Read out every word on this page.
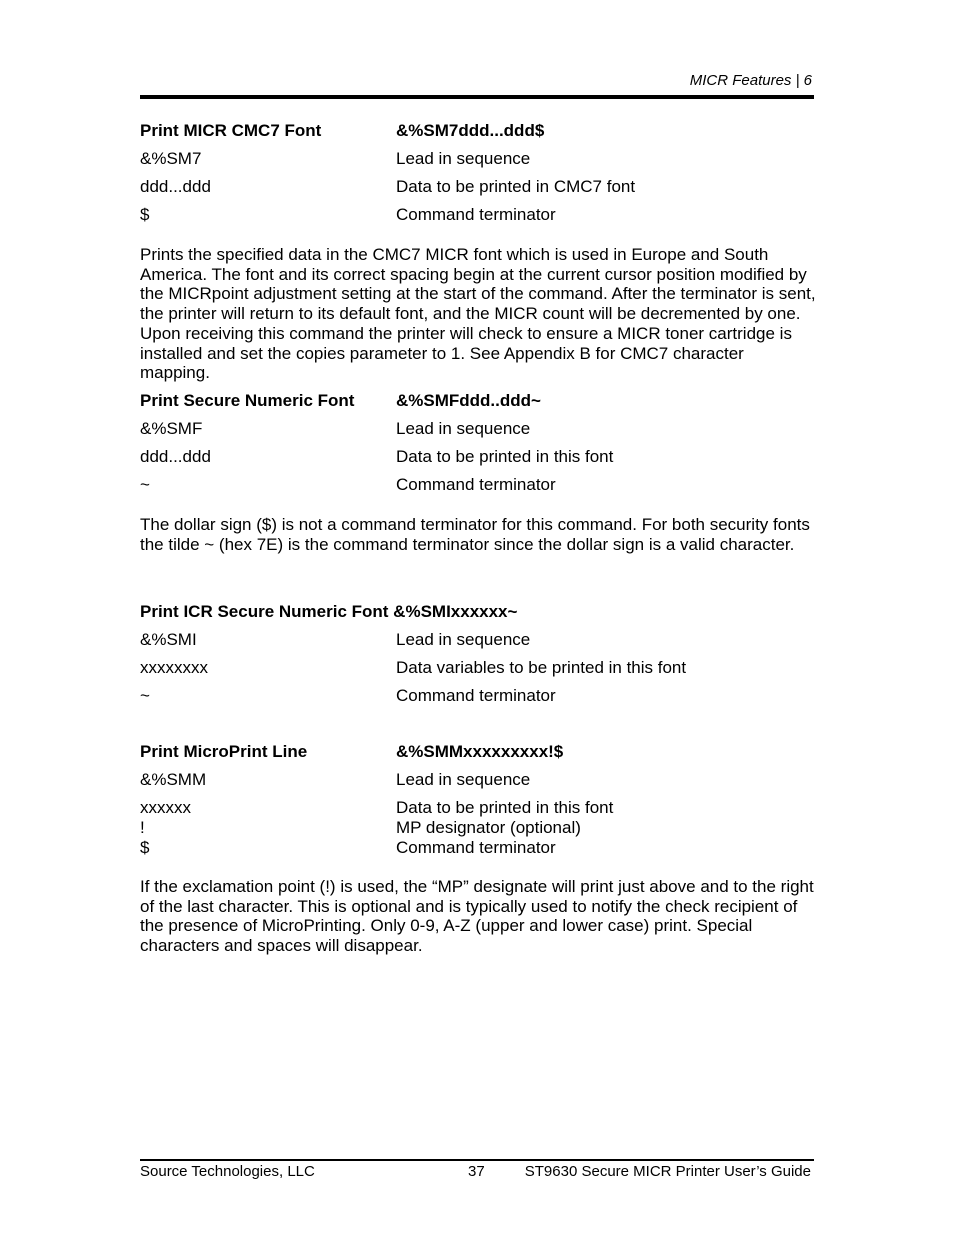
MICR Features | 6
Print MICR CMC7 Font	&%SM7ddd...ddd$
&%SM7	Lead in sequence
ddd...ddd	Data to be printed in CMC7 font
$	Command terminator

Prints the specified data in the CMC7 MICR font which is used in Europe and South America. The font and its correct spacing begin at the current cursor position modified by the MICRpoint adjustment setting at the start of the command. After the terminator is sent, the printer will return to its default font, and the MICR count will be decremented by one. Upon receiving this command the printer will check to ensure a MICR toner cartridge is installed and set the copies parameter to 1. See Appendix B for CMC7 character mapping.

Print Secure Numeric Font &%SMFddd..ddd~
&%SMF	Lead in sequence
ddd...ddd	Data to be printed in this font
~	Command terminator

The dollar sign ($) is not a command terminator for this command. For both security fonts the tilde ~ (hex 7E) is the command terminator since the dollar sign is a valid character.

Print ICR Secure Numeric Font &%SMIxxxxxx~
&%SMI	Lead in sequence
xxxxxxxx	Data variables to be printed in this font
~	Command terminator
Print MicroPrint Line	&%SMMxxxxxxxxx!$
&%SMM	Lead in sequence
xxxxxx	Data to be printed in this font
!	MP designator (optional)
$	Command terminator

If the exclamation point (!) is used, the “MP” designate will print just above and to the right of the last character. This is optional and is typically used to notify the check recipient of the presence of MicroPrinting. Only 0-9, A-Z (upper and lower case) print. Special characters and spaces will disappear.

Source Technologies, LLC	37	ST9630 Secure MICR Printer User’s Guide
